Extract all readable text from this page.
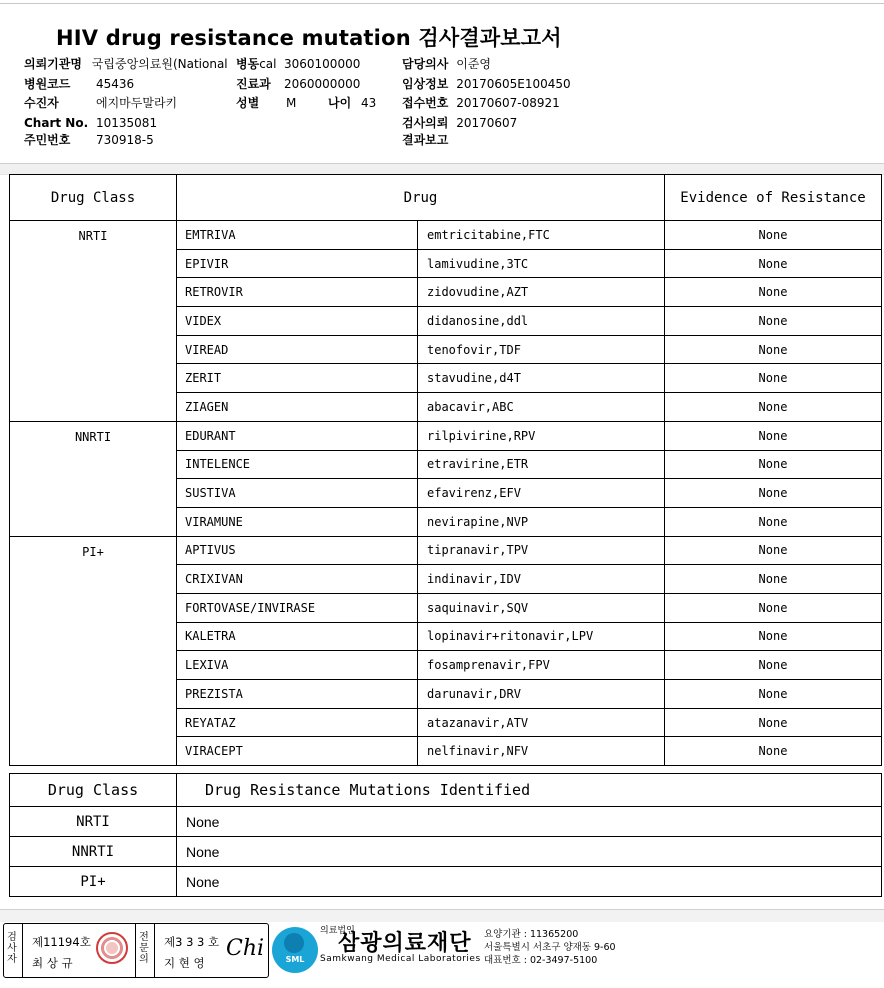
HIV drug resistance mutation 검사결과보고서
의뢰기관명 국립중앙의료원(National 병동cal 3060100000	담당의사 이준영
병원코드 45436	진료과 2060000000	임상정보 20170605E100450
수진자	에지마두말라키	성별 M	나이 43 접수번호 20170607-08921
Chart No. 10135081	검사의뢰 20170607
주민번호 730918-5	결과보고
Drug Class	Drug		Evidence of Resistance
NRTI	EMTRIVA	emtricitabine,FTC	None
	EPIVIR	lamivudine,3TC	None
	RETROVIR	zidovudine,AZT	None
	VIDEX	didanosine,ddl	None
	VIREAD	tenofovir,TDF	None
	ZERIT	stavudine,d4T	None
	ZIAGEN	abacavir,ABC	None
NNRTI	EDURANT	rilpivirine,RPV	None
	INTELENCE	etravirine,ETR	None
	SUSTIVA	efavirenz,EFV	None
	VIRAMUNE	nevirapine,NVP	None
PI+	APTIVUS	tipranavir,TPV	None
	CRIXIVAN	indinavir,IDV	None
	FORTOVASE/INVIRASE	saquinavir,SQV	None
	KALETRA	lopinavir+ritonavir,LPV	None
	LEXIVA	fosamprenavir,FPV	None
	PREZISTA	darunavir,DRV	None
	REYATAZ	atazanavir,ATV	None
	VIRACEPT	nelfinavir,NFV	None
Drug Class	Drug Resistance Mutations Identified
NRTI	None
NNRTI	None
PI+	None
검사자
제11194호
최 상 규
전문의
제3 3 3 호
지 현 영
Chi	SML
의료법인삼광의료재단
Samkwang Medical Laboratories
요양기관 : 11365200
서울특별시 서초구 양재동 9-60
대표번호 : 02-3497-5100
